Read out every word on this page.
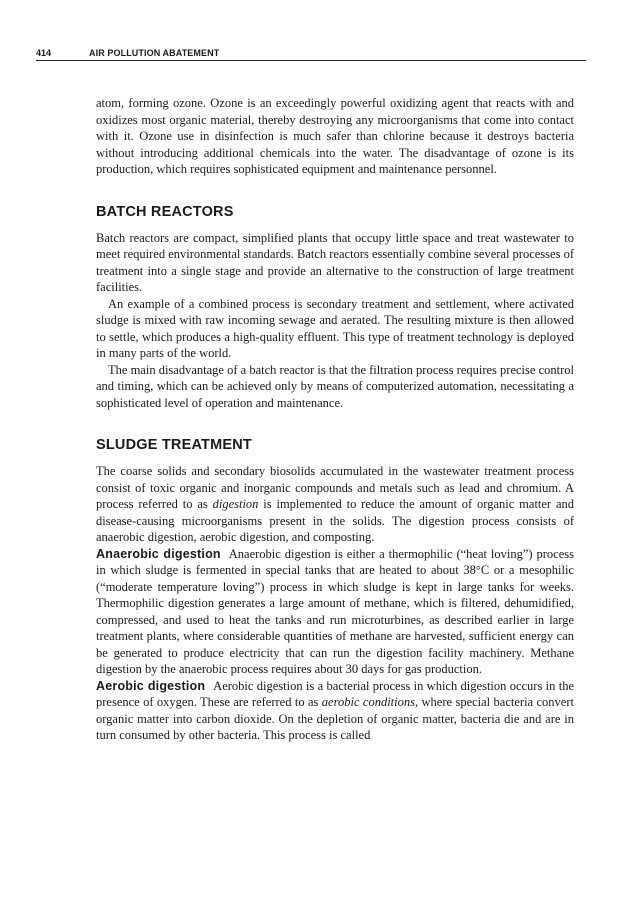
414	AIR POLLUTION ABATEMENT

atom, forming ozone. Ozone is an exceedingly powerful oxidizing agent that reacts with and oxidizes most organic material, thereby destroying any microorganisms that come into contact with it. Ozone use in disinfection is much safer than chlorine because it destroys bacteria without introducing additional chemicals into the water. The disadvantage of ozone is its production, which requires sophisticated equipment and maintenance personnel.

BATCH REACTORS

Batch reactors are compact, simplified plants that occupy little space and treat wastewater to meet required environmental standards. Batch reactors essentially combine several processes of treatment into a single stage and provide an alternative to the construction of large treatment facilities.

An example of a combined process is secondary treatment and settlement, where activated sludge is mixed with raw incoming sewage and aerated. The resulting mixture is then allowed to settle, which produces a high-quality effluent. This type of treatment technology is deployed in many parts of the world.

The main disadvantage of a batch reactor is that the filtration process requires precise control and timing, which can be achieved only by means of computerized automation, necessitating a sophisticated level of operation and maintenance.

SLUDGE TREATMENT

The coarse solids and secondary biosolids accumulated in the wastewater treatment process consist of toxic organic and inorganic compounds and metals such as lead and chromium. A process referred to as digestion is implemented to reduce the amount of organic matter and disease-causing microorganisms present in the solids. The digestion process consists of anaerobic digestion, aerobic digestion, and composting.

Anaerobic digestion Anaerobic digestion is either a thermophilic (“heat loving”) process in which sludge is fermented in special tanks that are heated to about 38°C or a mesophilic (“moderate temperature loving”) process in which sludge is kept in large tanks for weeks. Thermophilic digestion generates a large amount of methane, which is filtered, dehumidified, compressed, and used to heat the tanks and run microturbines, as described earlier in large treatment plants, where considerable quantities of methane are harvested, sufficient energy can be generated to produce electricity that can run the digestion facility machinery. Methane digestion by the anaerobic process requires about 30 days for gas production.

Aerobic digestion Aerobic digestion is a bacterial process in which digestion occurs in the presence of oxygen. These are referred to as aerobic conditions, where special bacteria convert organic matter into carbon dioxide. On the depletion of organic matter, bacteria die and are in turn consumed by other bacteria. This process is called
